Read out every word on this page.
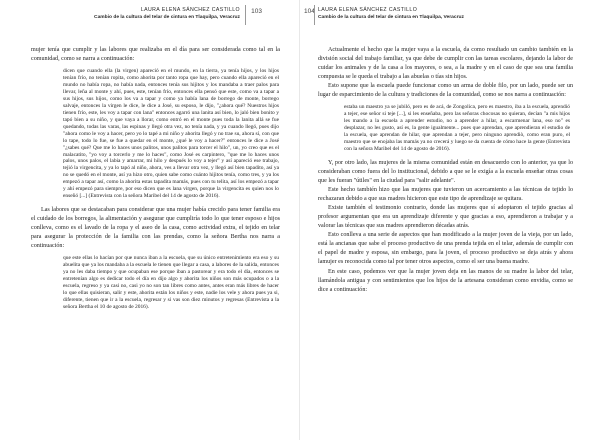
LAURA ELENA SÁNCHEZ CASTILLO
Cambio de la cultura del telar de cintura en Tlaquilpa, Veracruz
103

mujer tenía que cumplir y las labores que realizaba en el día para ser considerada como tal en la comunidad, como se narra a continuación:

dicen que cuando ella (la virgen) apareció en el mundo, en la tierra, ya tenía hijos, y los hijos tenían frío, no tenían ropita, como ahorita por tanto ropa que hay, pero cuando ella apareció en el mundo no había ropa, no había nada, entonces tenía sus hijitos y los mandaba a traer palos para llevar, leña al monte y ahí, pues, este, tenían frío, entonces ella pensó que este, como va a tapar a sus hijos, sus hijos, como los va a tapar y como ya había lana de borrego de monte, borrego salvaje, entonces la virgen le dice, le dice a José, su esposo, le dijo, "¿ahora qué? Nuestros hijos tienen frío, este, les voy a tapar con lana" entonces agarró una lanita así bien, lo jaló bien bonito y tapó bien a su niño, y que vaya a llorar, como entró en el monte pues toda la lanita allá se fue quedando, todas las varas, las espinas y llegó otra vez, no tenía nada, y ya cuando llegó, pues dijo "ahora como le voy a hacer, pero yo lo tapé a mi niño y ahorita llegó y no trae su, ahora sí, con que lo tape, todo lo fue, se fue a quedar en el monte, ¿qué le voy a hacer?" entonces le dice a José "¿sabes qué? Que me lo haces unos palitos, unos palitos para torcer el hilo", un, yo creo que es el malacatito, "yo voy a torcerlo y me lo haces", como José es carpintero, "que me lo haces unos palos, unos palos, el labia y amarrar, mi hilo y después lo voy a tejer" y así apareció ese trabajo, tejió la virgencita, y ya lo tapó al niño, ahora, ves a llevar otra vez, y llegó así bien tapadito, así ya no se quedó en el monte, así ya hizo otro, quien sabe como cuánto hijitos tenía, como tres, y ya los empezó a tapar así, como la ahorita estas tapadita mamás, pues con tu telita, así los empezó a tapar y ahí empezó para siempre, por eso dicen que es lana virgen, porque la virgencita es quien nos lo enseñó [...] (Entrevista con la señora Maribel del 14 de agosto de 2016).

Las labores que se destacaban para considerar que una mujer había crecido para tener familia era el cuidado de los borregos, la alimentación y asegurar que cumpliría todo lo que tener esposo e hijos conlleva, como es el lavado de la ropa y el aseo de la casa, como actividad extra, el tejido en telar para asegurar la protección de la familia con las prendas, como la señora Bertha nos narra a continuación:

que este ellas lo hacían por que nunca iban a la escuela, que su único entretenimiento era eso y su abuelita que ya los mandaba a la escuela le tienen que llegar a casa, a labores de la salida, entonces ya no les daba tiempo y que ocupaban ese porque iban a pastorear y era todo el día, entonces se entretenían algo es dedicar todo el día en dijo algo y ahorita los niños son más ocupados o a la escuela, regreso y ya casi no, casi yo no son tan libres como antes, antes eran más libres de hacer lo que ellas quisieran, salir y este, ahorita están los niños y este, nadie los vele y ahora pues ya si, diferente, tienen que ir a la escuela, regresar y si vas son diez minutos y regresas (Entrevista a la señora Bertha el 10 de agosto de 2016).

104 LAURA ELENA SÁNCHEZ CASTILLO
Cambio de la cultura del telar de cintura en Tlaquilpa, Veracruz

Actualmente el hecho que la mujer vaya a la escuela, da como resultado un cambio también en la división social del trabajo familiar, ya que debe de cumplir con las tareas escolares, dejando la labor de cuidar los animales y de la casa a los mayores, o sea, a la madre y en el caso de que sea una familia compuesta se le queda el trabajo a las abuelas o tías sin hijos.

Esto supone que la escuela puede funcionar como un arma de doble filo, por un lado, puede ser un lugar de esparcimiento de la cultura y tradiciones de la comunidad, como se nos narra a continuación:

estaba un maestro ya se jubiló, pero es de acá, de Zongolica, pero es maestro, iba a la escuela, aprendió a tejer, ese señor si teje [...], si les enseñaba, pero las señoras chocosas no quieran, decían "a mis hijos les mando a la escuela a aprender estudio, no a aprender a hilar, a escarmenar lana, eso no" es desplazar, no les gusto, así es, la gente igualmente... pues que aprendan, que aprendieran el estudio de la escuela, que aprendan de hilar, que aprendan a tejer, pero ninguno aprendiò, como eran puro, el maestro que se enojaba las mamás ya no crecerá y luego se da cuenta de cómo hace la gente (Entrevista con la señora Maribel del 14 de agosto de 2016).

Y, por otro lado, las mujeres de la misma comunidad están en desacuerdo con lo anterior, ya que lo consideraban como fuera del lo institucional, debido a que se le exigía a la escuela enseñar otras cosas que les fueran "útiles" en la ciudad para "salir adelante".

Este hecho también hizo que las mujeres que tuvieron un acercamiento a las técnicas de tejido lo rechazaran debido a que sus madres hicieron que este tipo de aprendizaje se quitara.

Existe también el testimonio contrario, donde las mujeres que sí adoptaron el tejido gracias al profesor argumentan que era un aprendizaje diferente y que gracias a eso, aprendieron a trabajar y a valorar las técnicas que sus madres aprendieron décadas atrás.

Esto conlleva a una serie de aspectos que han modificado a la mujer joven de la vieja, por un lado, está la ancianas que sabe el proceso productivo de una prenda tejida en el telar, además de cumplir con el papel de madre y esposa, sin embargo, para la joven, el proceso productivo se deja atrás y ahora lamujer es reconocida como tal por tener otros aspectos, como el ser una buena madre.

En este caso, podemos ver que la mujer joven deja en las manos de su madre la labor del telar, llamándola antigua y con sentimientos que los hijos de la artesana consideran como envidia, como se dice a continuación:
